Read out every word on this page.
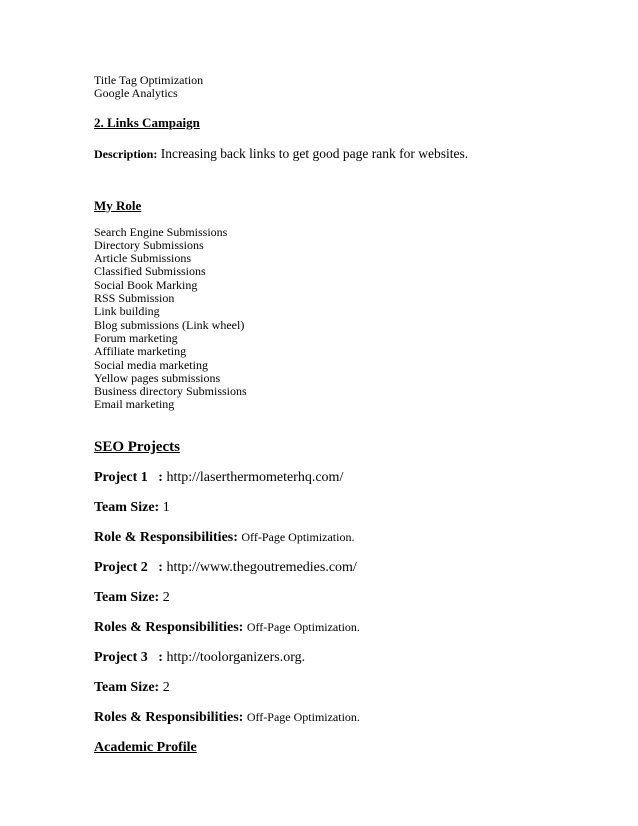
Title Tag Optimization
Google Analytics
2. Links Campaign
Description: Increasing back links to get good page rank for websites.
My Role
Search Engine Submissions
Directory Submissions
Article Submissions
Classified Submissions
Social Book Marking
RSS Submission
Link building
Blog submissions (Link wheel)
Forum marketing
Affiliate marketing
Social media marketing
Yellow pages submissions
Business directory Submissions
Email marketing
SEO Projects
Project 1   : http://laserthermometerhq.com/
Team Size: 1
Role & Responsibilities: Off-Page Optimization.
Project 2   : http://www.thegoutremedies.com/
Team Size: 2
Roles & Responsibilities: Off-Page Optimization.
Project 3   : http://toolorganizers.org.
Team Size: 2
Roles & Responsibilities: Off-Page Optimization.
Academic Profile
